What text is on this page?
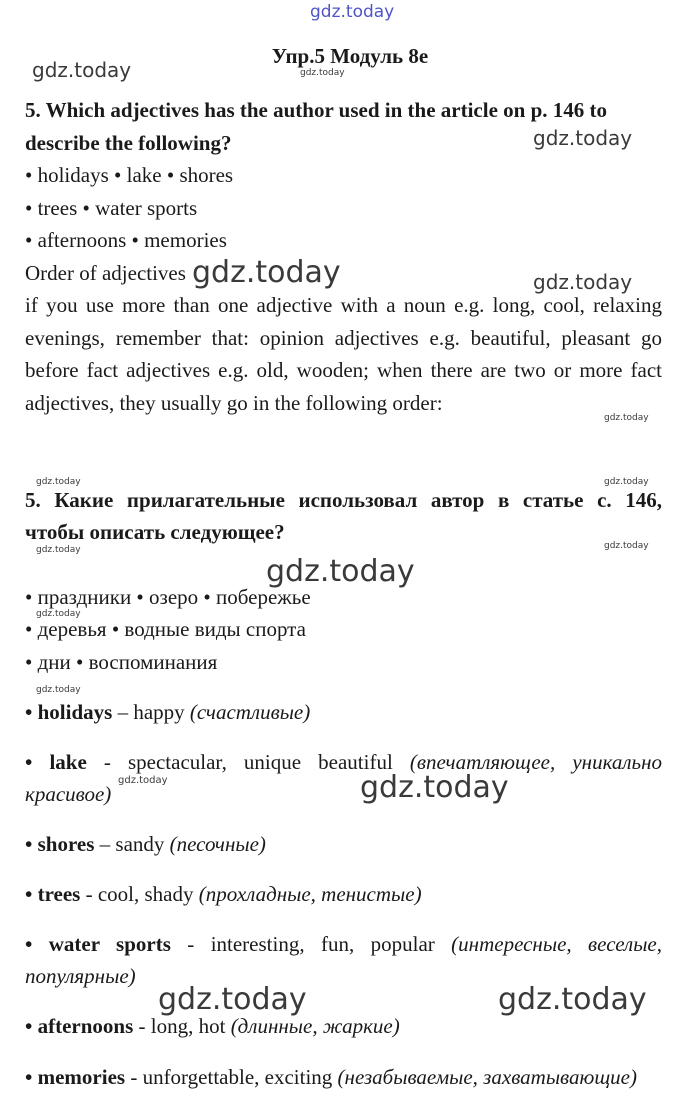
gdz.today
gdz.today	gdz.today
gdz.today
gdz.today	gdz.today
gdz.today
gdz.today	gdz.today
gdz.today	gdz.today
gdz.today
gdz.today
gdz.today
gdz.today	gdz.today
gdz.today	gdz.today
Упр.5 Модуль 8е
5. Which adjectives has the author used in the article on p. 146 to
describe the following?
• holidays • lake • shores
• trees • water sports
• afternoons • memories
Order of adjectives
if you use more than one adjective with a noun e.g. long, cool, relaxing
evenings, remember that: opinion adjectives e.g. beautiful, pleasant go
before fact adjectives e.g. old, wooden; when there are two or more fact
adjectives, they usually go in the following order:
5. Какие прилагательные использовал автор в статье с. 146,
чтобы описать следующее?
• праздники • озеро • побережье
• деревья • водные виды спорта
• дни • воспоминания
• holidays – happy (счастливые)
• lake - spectacular, unique beautiful (впечатляющее, уникально
красивое)
• shores – sandy (песочные)
• trees - cool, shady (прохладные, тенистые)
• water sports - interesting, fun, popular (интересные, веселые,
популярные)
• afternoons - long, hot (длинные, жаркие)
• memories - unforgettable, exciting (незабываемые, захватывающие)
